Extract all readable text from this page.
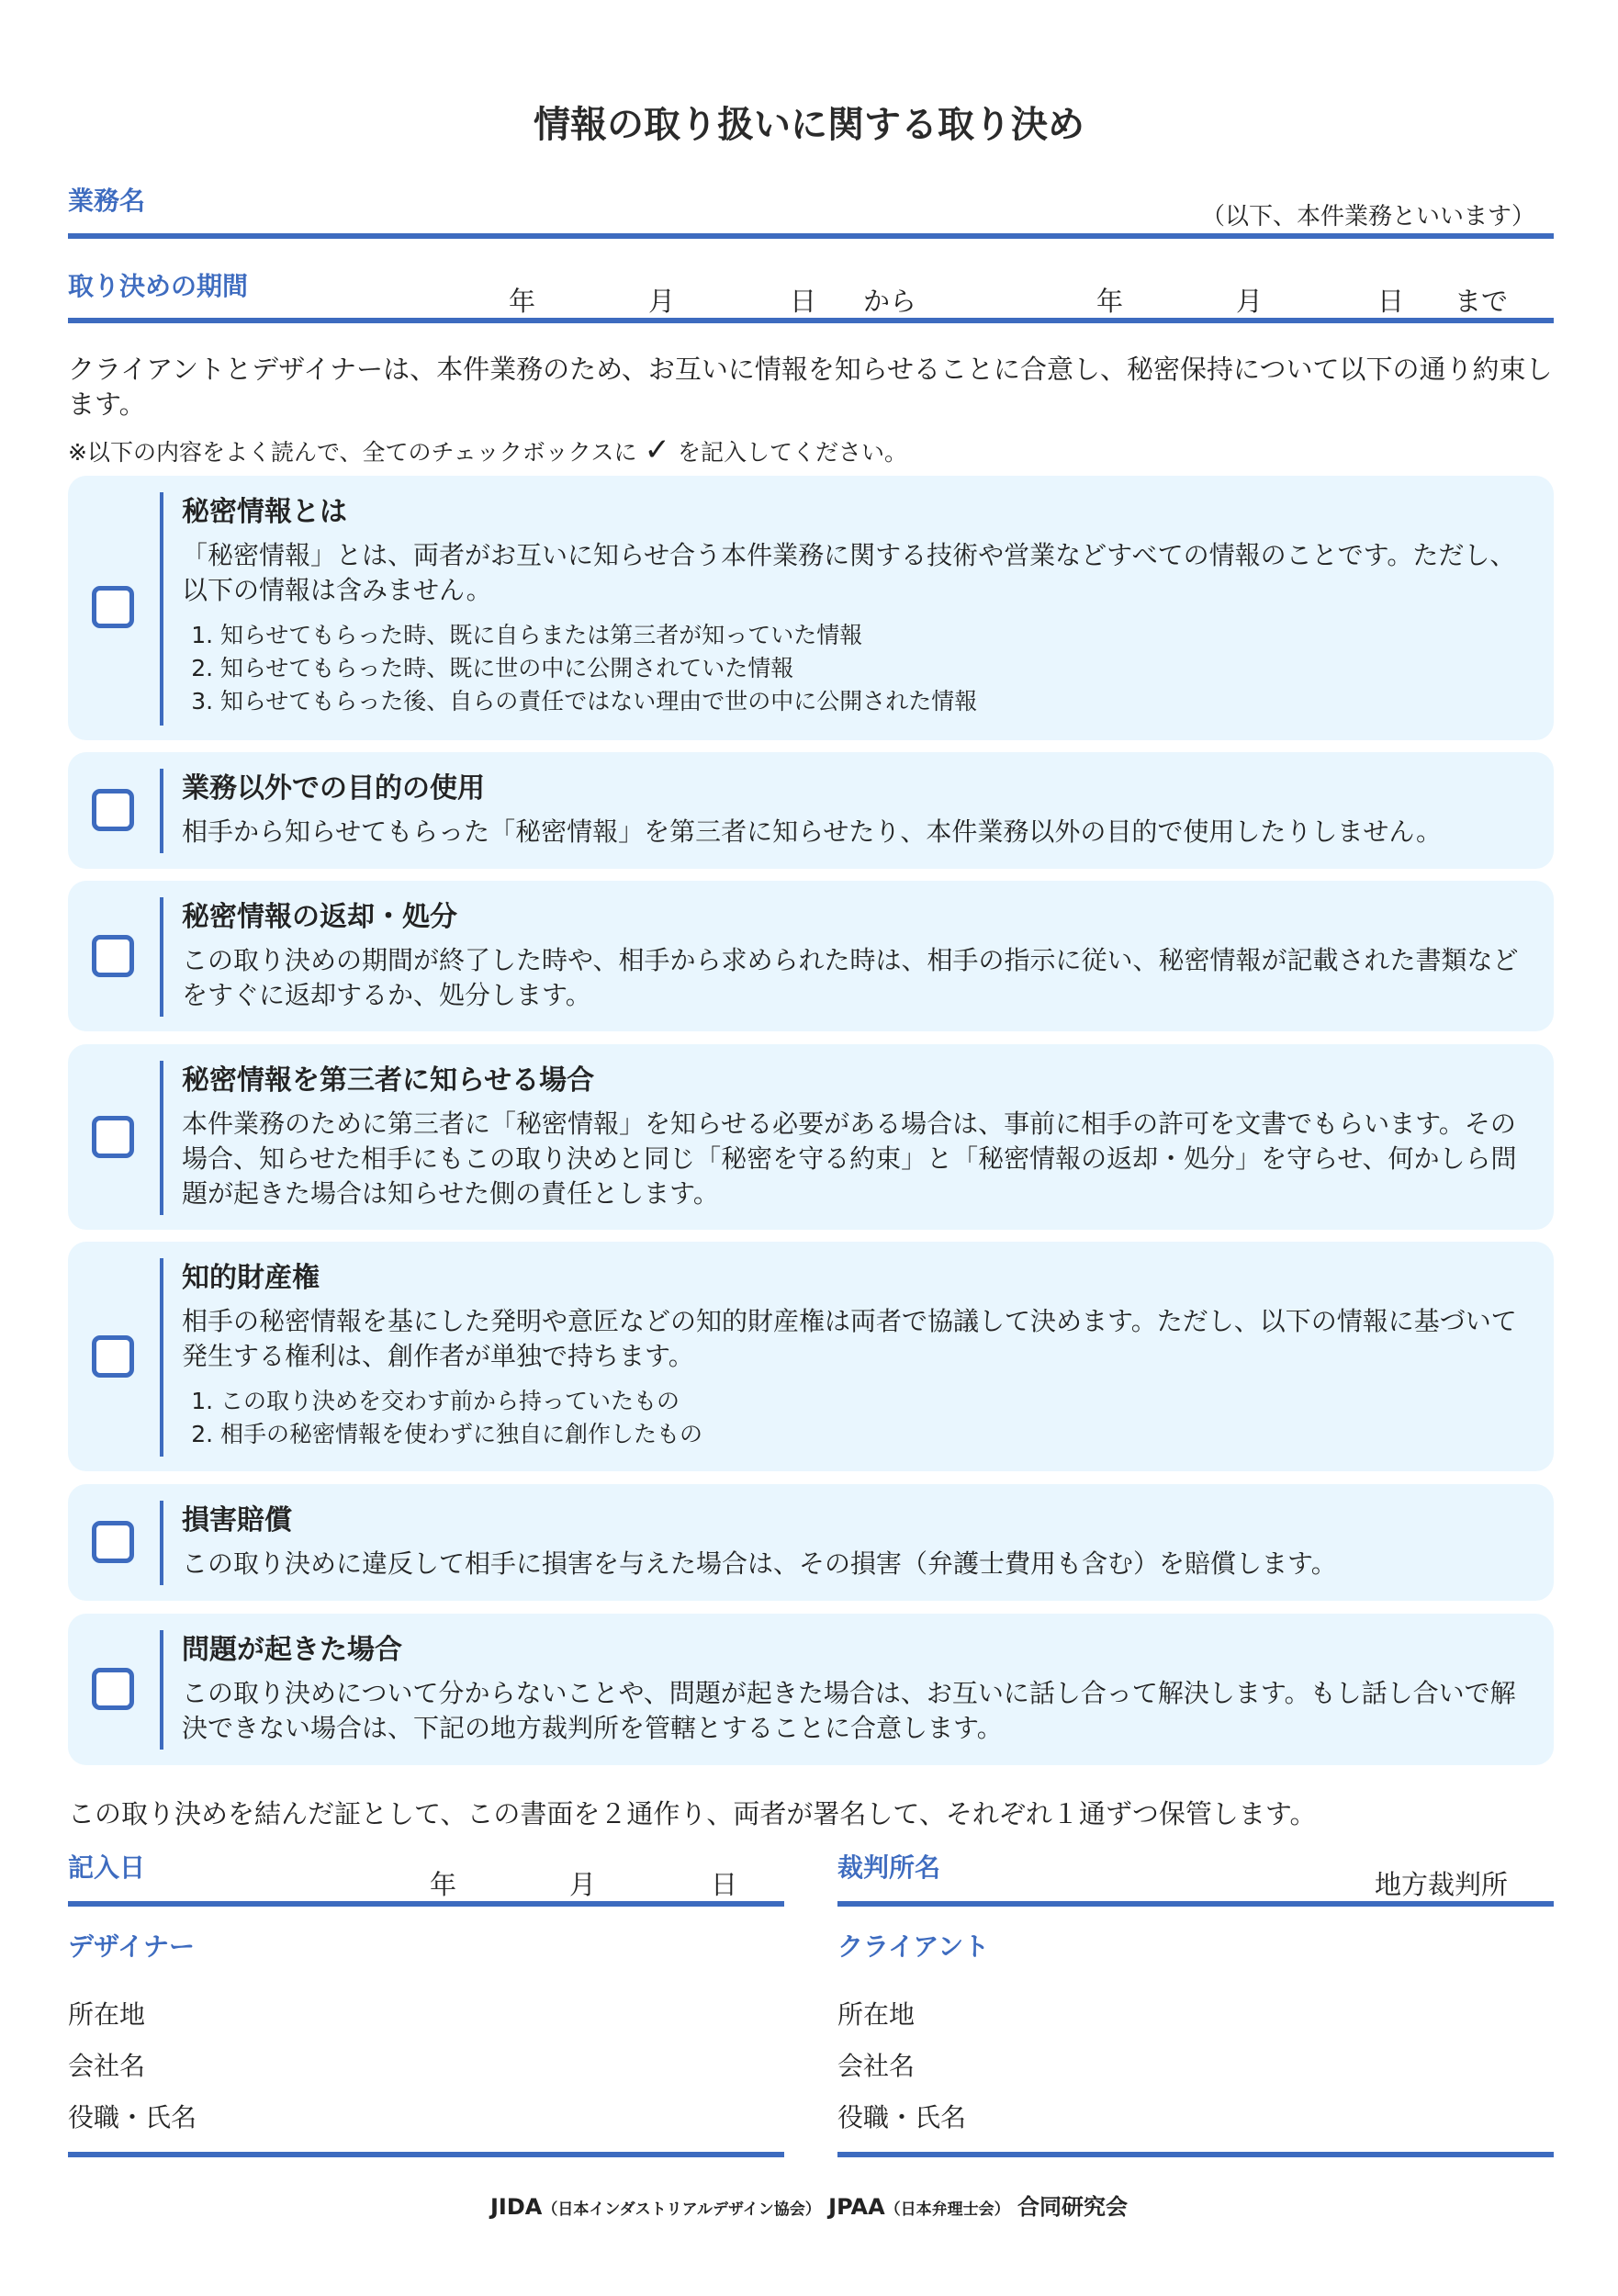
情報の取り扱いに関する取り決め
業務名
（以下、本件業務といいます）
取り決めの期間	年	月	日 から	年	月	日 まで
クライアントとデザイナーは、本件業務のため、お互いに情報を知らせることに合意し、秘密保持について以下の通り約束します。
※以下の内容をよく読んで、全てのチェックボックスに ✓ を記入してください。
秘密情報とは

「秘密情報」とは、両者がお互いに知らせ合う本件業務に関する技術や営業などすべての情報のことです。ただし、以下の情報は含みません。

1. 知らせてもらった時、既に自らまたは第三者が知っていた情報
2. 知らせてもらった時、既に世の中に公開されていた情報
3. 知らせてもらった後、自らの責任ではない理由で世の中に公開された情報
業務以外での目的の使用

相手から知らせてもらった「秘密情報」を第三者に知らせたり、本件業務以外の目的で使用したりしません。

秘密情報の返却・処分

この取り決めの期間が終了した時や、相手から求められた時は、相手の指示に従い、秘密情報が記載された書類などをすぐに返却するか、処分します。

秘密情報を第三者に知らせる場合

本件業務のために第三者に「秘密情報」を知らせる必要がある場合は、事前に相手の許可を文書でもらいます。その場合、知らせた相手にもこの取り決めと同じ「秘密を守る約束」と「秘密情報の返却・処分」を守らせ、何かしら問題が起きた場合は知らせた側の責任とします。

知的財産権

相手の秘密情報を基にした発明や意匠などの知的財産権は両者で協議して決めます。ただし、以下の情報に基づいて発生する権利は、創作者が単独で持ちます。

1. この取り決めを交わす前から持っていたもの
2. 相手の秘密情報を使わずに独自に創作したもの
損害賠償

この取り決めに違反して相手に損害を与えた場合は、その損害（弁護士費用も含む）を賠償します。

問題が起きた場合

この取り決めについて分からないことや、問題が起きた場合は、お互いに話し合って解決します。もし話し合いで解決できない場合は、下記の地方裁判所を管轄とすることに合意します。

この取り決めを結んだ証として、この書面を２通作り、両者が署名して、それぞれ１通ずつ保管します。
記入日
年	月	日
裁判所名
地方裁判所
デザイナー
所在地
会社名
役職・氏名
クライアント
所在地
会社名
役職・氏名
JIDA（日本インダストリアルデザイン協会） JPAA（日本弁理士会） 合同研究会
